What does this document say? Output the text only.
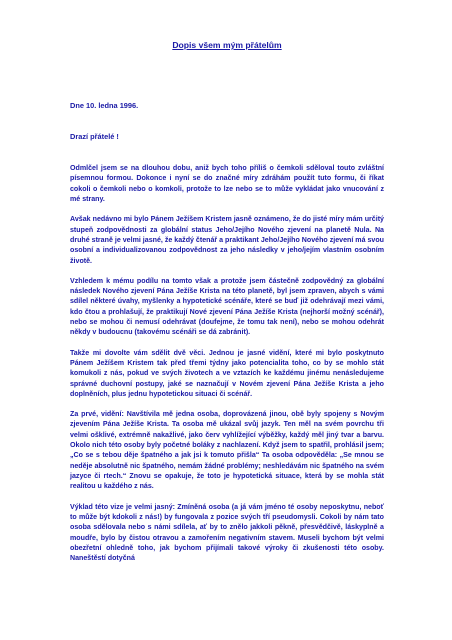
Dopis všem mým přátelům
Dne 10. ledna 1996.
Drazí přátelé !
Odmlčel jsem se na dlouhou dobu, aniž bych toho příliš o čemkoli sděloval touto zvláštní písemnou formou. Dokonce i nyní se do značné míry zdráhám použít tuto formu, či říkat cokoli o čemkoli nebo o komkoli, protože to lze nebo se to může vykládat jako vnucování z mé strany.
Avšak nedávno mi bylo Pánem Ježíšem Kristem jasně oznámeno, že do jisté míry mám určitý stupeň zodpovědnosti za globální status Jeho/Jejího Nového zjevení na planetě Nula. Na druhé straně je velmi jasné, že každý čtenář a praktikant Jeho/Jejího Nového zjevení má svou osobní a individualizovanou zodpovědnost za jeho následky v jeho/jejím vlastním osobním životě.
Vzhledem k mému podílu na tomto však a protože jsem částečně zodpovědný za globální následek Nového zjevení Pána Ježíše Krista na této planetě, byl jsem zpraven, abych s vámi sdílel některé úvahy, myšlenky a hypotetické scénáře, které se buď již odehrávají mezi vámi, kdo čtou a prohlašují, že praktikují Nové zjevení Pána Ježíše Krista (nejhorší možný scénář), nebo se mohou či nemusí odehrávat (doufejme, že tomu tak není), nebo se mohou odehrát někdy v budoucnu (takovému scénáři se dá zabránit).
Takže mi dovolte vám sdělit dvě věci. Jednou je jasné vidění, které mi bylo poskytnuto Pánem Ježíšem Kristem tak před třemi týdny jako potencialita toho, co by se mohlo stát komukoli z nás, pokud ve svých životech a ve vztazích ke každému jinému nenásledujeme správné duchovní postupy, jaké se naznačují v Novém zjevení Pána Ježíše Krista a jeho doplněních, plus jednu hypotetickou situaci či scénář.
Za prvé, vidění: Navštívila mě jedna osoba, doprovázená jinou, obě byly spojeny s Novým zjevením Pána Ježíše Krista. Ta osoba mě ukázal svůj jazyk. Ten měl na svém povrchu tři velmi ošklivé, extrémně nakažlivé, jako červ vyhlížející výběžky, každý měl jiný tvar a barvu. Okolo nich této osoby byly početné boláky z nachlazení. Když jsem to spatřil, prohlásil jsem; „Co se s tebou děje špatného a jak jsi k tomuto přišla“ Ta osoba odpověděla: „Se mnou se neděje absolutně nic špatného, nemám žádné problémy; neshledávám nic špatného na svém jazyce či rtech.“ Znovu se opakuje, že toto je hypotetická situace, která by se mohla stát realitou u každého z nás.
Výklad této vize je velmi jasný: Zmíněná osoba (a já vám jméno té osoby neposkytnu, neboť to může být kdokoli z nás!) by fungovala z pozice svých tří pseudomysli. Cokoli by nám tato osoba sdělovala nebo s námi sdílela, ať by to znělo jakkoli pěkně, přesvědčivě, láskyplně a moudře, bylo by čistou otravou a zamořením negativním stavem. Museli bychom být velmi obezřetní ohledně toho, jak bychom přijímali takové výroky či zkušenosti této osoby. Naneštěstí dotyčná
